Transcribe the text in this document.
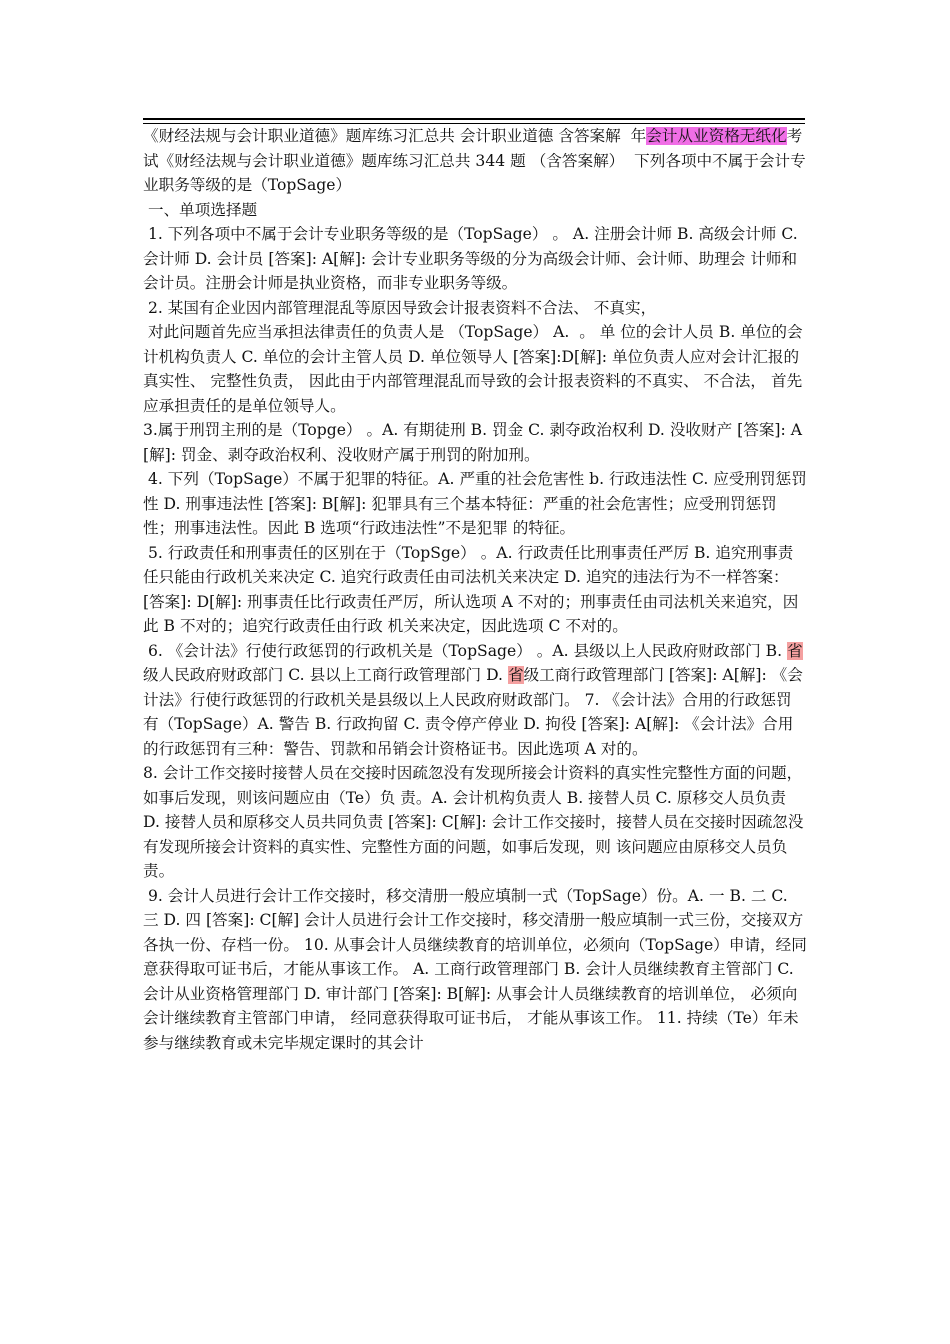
《财经法规与会计职业道德》题库练习汇总共 会计职业道德 含答案解  年会计从业资格无纸化考试《财经法规与会计职业道德》题库练习汇总共 344 题 （含答案解）  下列各项中不属于会计专业职务等级的是（TopSage）

一、单项选择题

1. 下列各项中不属于会计专业职务等级的是（TopSage） 。 A. 注册会计师 B. 高级会计师 C. 会计师 D. 会计员 [答案]: A[解]: 会计专业职务等级的分为高级会计师、会计师、助理会 计师和会计员。注册会计师是执业资格，而非专业职务等级。

2. 某国有企业因内部管理混乱等原因导致会计报表资料不合法、 不真实，
对此问题首先应当承担法律责任的负责人是 （TopSage） A.  。 单 位的会计人员 B. 单位的会计机构负责人 C. 单位的会计主管人员 D. 单位领导人 [答案]:D[解]: 单位负责人应对会计汇报的真实性、 完整性负责， 因此由于内部管理混乱而导致的会计报表资料的不真实、 不合法， 首先应承担责任的是单位领导人。

3.属于刑罚主刑的是（Topge） 。A. 有期徒刑 B. 罚金 C. 剥夺政治权利 D. 没收财产 [答案]: A[解]: 罚金、剥夺政治权利、没收财产属于刑罚的附加刑。

4. 下列（TopSage）不属于犯罪的特征。A. 严重的社会危害性 b. 行政违法性 C. 应受刑罚惩罚性 D. 刑事违法性 [答案]: B[解]: 犯罪具有三个基本特征：严重的社会危害性；应受刑罚惩罚性；刑事违法性。因此 B 选项“行政违法性”不是犯罪 的特征。

5. 行政责任和刑事责任的区别在于（TopSge） 。A. 行政责任比刑事责任严厉 B. 追究刑事责任只能由行政机关来决定 C. 追究行政责任由司法机关来决定 D. 追究的违法行为不一样答案： [答案]: D[解]: 刑事责任比行政责任严厉，所认选项 A 不对的；刑事责任由司法机关来追究，因此 B 不对的；追究行政责任由行政 机关来决定，因此选项 C 不对的。

6. 《会计法》行使行政惩罚的行政机关是（TopSage） 。A. 县级以上人民政府财政部门 B. 省级人民政府财政部门 C. 县以上工商行政管理部门 D. 省级工商行政管理部门 [答案]: A[解]: 《会计法》行使行政惩罚的行政机关是县级以上人民政府财政部门。 7. 《会计法》合用的行政惩罚有（TopSage）A. 警告 B. 行政拘留 C. 责令停产停业 D. 拘役 [答案]: A[解]: 《会计法》合用的行政惩罚有三种：警告、罚款和吊销会计资格证书。因此选项 A 对的。

8. 会计工作交接时接替人员在交接时因疏忽没有发现所接会计资料的真实性完整性方面的问题，如事后发现，则该问题应由（Te）负 责。A. 会计机构负责人 B. 接替人员 C. 原移交人员负责 D. 接替人员和原移交人员共同负责 [答案]: C[解]: 会计工作交接时，接替人员在交接时因疏忽没有发现所接会计资料的真实性、完整性方面的问题，如事后发现，则 该问题应由原移交人员负责。

9. 会计人员进行会计工作交接时，移交清册一般应填制一式（TopSage）份。A. 一 B. 二 C. 三 D. 四 [答案]: C[解] 会计人员进行会计工作交接时，移交清册一般应填制一式三份，交接双方各执一份、存档一份。 10. 从事会计人员继续教育的培训单位，必须向（TopSage）申请，经同意获得取可证书后，才能从事该工作。 A. 工商行政管理部门 B. 会计人员继续教育主管部门 C. 会计从业资格管理部门 D. 审计部门 [答案]: B[解]: 从事会计人员继续教育的培训单位， 必须向会计继续教育主管部门申请， 经同意获得取可证书后， 才能从事该工作。 11. 持续（Te）年未参与继续教育或未完毕规定课时的其会计
